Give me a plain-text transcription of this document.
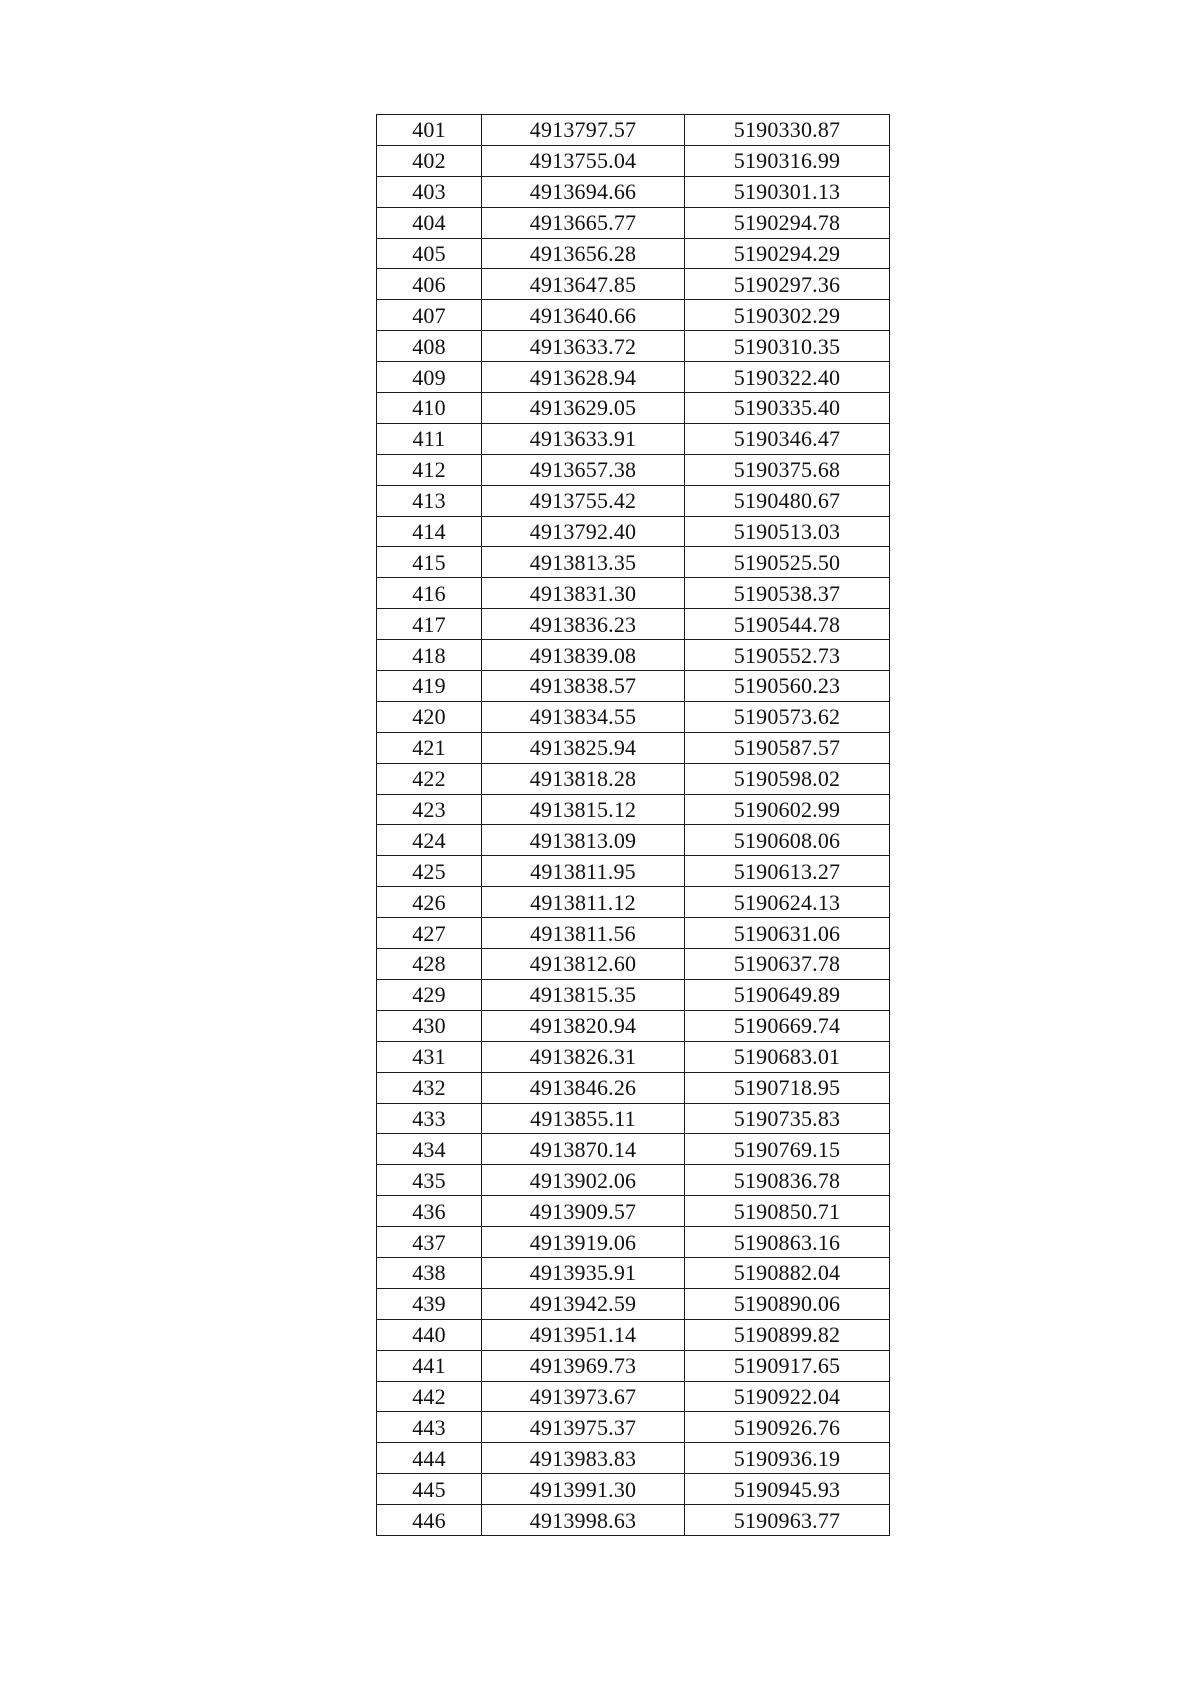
401	4913797.57	5190330.87
402	4913755.04	5190316.99
403	4913694.66	5190301.13
404	4913665.77	5190294.78
405	4913656.28	5190294.29
406	4913647.85	5190297.36
407	4913640.66	5190302.29
408	4913633.72	5190310.35
409	4913628.94	5190322.40
410	4913629.05	5190335.40
411	4913633.91	5190346.47
412	4913657.38	5190375.68
413	4913755.42	5190480.67
414	4913792.40	5190513.03
415	4913813.35	5190525.50
416	4913831.30	5190538.37
417	4913836.23	5190544.78
418	4913839.08	5190552.73
419	4913838.57	5190560.23
420	4913834.55	5190573.62
421	4913825.94	5190587.57
422	4913818.28	5190598.02
423	4913815.12	5190602.99
424	4913813.09	5190608.06
425	4913811.95	5190613.27
426	4913811.12	5190624.13
427	4913811.56	5190631.06
428	4913812.60	5190637.78
429	4913815.35	5190649.89
430	4913820.94	5190669.74
431	4913826.31	5190683.01
432	4913846.26	5190718.95
433	4913855.11	5190735.83
434	4913870.14	5190769.15
435	4913902.06	5190836.78
436	4913909.57	5190850.71
437	4913919.06	5190863.16
438	4913935.91	5190882.04
439	4913942.59	5190890.06
440	4913951.14	5190899.82
441	4913969.73	5190917.65
442	4913973.67	5190922.04
443	4913975.37	5190926.76
444	4913983.83	5190936.19
445	4913991.30	5190945.93
446	4913998.63	5190963.77
